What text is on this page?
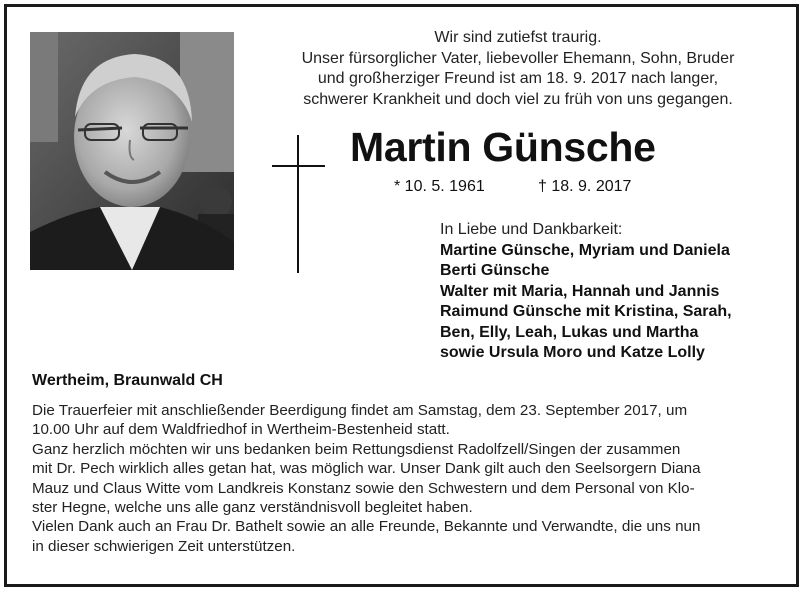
Wir sind zutiefst traurig.
Unser fürsorglicher Vater, liebevoller Ehemann, Sohn, Bruder
und großherziger Freund ist am 18. 9. 2017 nach langer,
schwerer Krankheit und doch viel zu früh von uns gegangen.
Martin Günsche
* 10. 5. 1961	† 18. 9. 2017
In Liebe und Dankbarkeit:
Martine Günsche, Myriam und Daniela
Berti Günsche
Walter mit Maria, Hannah und Jannis
Raimund Günsche mit Kristina, Sarah,
Ben, Elly, Leah, Lukas und Martha
sowie Ursula Moro und Katze Lolly
Wertheim, Braunwald CH
Die Trauerfeier mit anschließender Beerdigung findet am Samstag, dem 23. September 2017, um
10.00 Uhr auf dem Waldfriedhof in Wertheim-Bestenheid statt.
Ganz herzlich möchten wir uns bedanken beim Rettungsdienst Radolfzell/Singen der zusammen
mit Dr. Pech wirklich alles getan hat, was möglich war. Unser Dank gilt auch den Seelsorgern Diana
Mauz und Claus Witte vom Landkreis Konstanz sowie den Schwestern und dem Personal von Klo-
ster Hegne, welche uns alle ganz verständnisvoll begleitet haben.
Vielen Dank auch an Frau Dr. Bathelt sowie an alle Freunde, Bekannte und Verwandte, die uns nun
in dieser schwierigen Zeit unterstützen.
